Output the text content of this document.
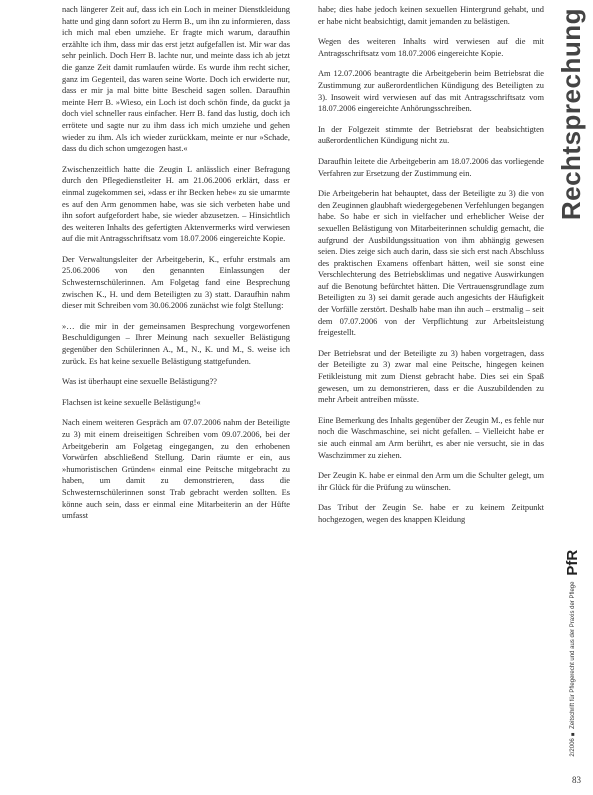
nach längerer Zeit auf, dass ich ein Loch in meiner Dienstkleidung hatte und ging dann sofort zu Herrn B., um ihn zu informieren, dass ich mich mal eben umziehe. Er fragte mich warum, daraufhin erzählte ich ihm, dass mir das erst jetzt aufgefallen ist. Mir war das sehr peinlich. Doch Herr B. lachte nur, und meinte dass ich ab jetzt die ganze Zeit damit rumlaufen würde. Es wurde ihm recht sicher, ganz im Gegenteil, das waren seine Worte. Doch ich erwiderte nur, dass er mir ja mal bitte bitte Bescheid sagen sollen. Daraufhin meinte Herr B. »Wieso, ein Loch ist doch schön finde, da guckt ja doch viel schneller raus einfacher. Herr B. fand das lustig, doch ich errötete und sagte nur zu ihm dass ich mich umziehe und gehen wieder zu ihm. Als ich wieder zurückkam, meinte er nur »Schade, dass du dich schon umgezogen hast.«

Zwischenzeitlich hatte die Zeugin L anlässlich einer Befragung durch den Pflegedienstleiter H. am 21.06.2006 erklärt, dass er einmal zugekommen sei, »dass er ihr Becken hebe« zu sie umarmte es auf den Arm genommen habe, was sie sich verbeten habe und ihn sofort aufgefordert habe, sie wieder abzusetzen. – Hinsichtlich des weiteren Inhalts des gefertigten Aktenvermerks wird verwiesen auf die mit Antragsschriftsatz vom 18.07.2006 eingereichte Kopie.

Der Verwaltungsleiter der Arbeitgeberin, K., erfuhr erstmals am 25.06.2006 von den genannten Einlassungen der Schwesternschülerinnen. Am Folgetag fand eine Besprechung zwischen K., H. und dem Beteiligten zu 3) statt. Daraufhin nahm dieser mit Schreiben vom 30.06.2006 zunächst wie folgt Stellung:

»… die mir in der gemeinsamen Besprechung vorgeworfenen Beschuldigungen – Ihrer Meinung nach sexueller Belästigung gegenüber den Schülerinnen A., M., N., K. und M., S. weise ich zurück. Es hat keine sexuelle Belästigung stattgefunden.

Was ist überhaupt eine sexuelle Belästigung??

Flachsen ist keine sexuelle Belästigung!«

Nach einem weiteren Gespräch am 07.07.2006 nahm der Beteiligte zu 3) mit einem dreiseitigen Schreiben vom 09.07.2006, bei der Arbeitgeberin am Folgetag eingegangen, zu den erhobenen Vorwürfen abschließend Stellung. Darin räumte er ein, aus »humoristischen Gründen« einmal eine Peitsche mitgebracht zu haben, um damit zu demonstrieren, dass die Schwesternschülerinnen sonst Trab gebracht werden sollten. Es könne auch sein, dass er einmal eine Mitarbeiterin an der Hüfte umfasst

habe; dies habe jedoch keinen sexuellen Hintergrund gehabt, und er habe nicht beabsichtigt, damit jemanden zu belästigen.

Wegen des weiteren Inhalts wird verwiesen auf die mit Antragsschriftsatz vom 18.07.2006 eingereichte Kopie.

Am 12.07.2006 beantragte die Arbeitgeberin beim Betriebsrat die Zustimmung zur außerordentlichen Kündigung des Beteiligten zu 3). Insoweit wird verwiesen auf das mit Antragsschriftsatz vom 18.07.2006 eingereichte Anhörungsschreiben.

In der Folgezeit stimmte der Betriebsrat der beabsichtigten außerordentlichen Kündigung nicht zu.

Daraufhin leitete die Arbeitgeberin am 18.07.2006 das vorliegende Verfahren zur Ersetzung der Zustimmung ein.

Die Arbeitgeberin hat behauptet, dass der Beteiligte zu 3) die von den Zeuginnen glaubhaft wiedergegebenen Verfehlungen begangen habe. So habe er sich in vielfacher und erheblicher Weise der sexuellen Belästigung von Mitarbeiterinnen schuldig gemacht, die aufgrund der Ausbildungssituation von ihm abhängig gewesen seien. Dies zeige sich auch darin, dass sie sich erst nach Abschluss des praktischen Examens offenbart hätten, weil sie sonst eine Verschlechterung des Betriebsklimas und negative Auswirkungen auf die Benotung befürchtet hätten. Die Vertrauensgrundlage zum Beteiligten zu 3) sei damit gerade auch angesichts der Häufigkeit der Vorfälle zerstört. Deshalb habe man ihn auch – erstmalig – seit dem 07.07.2006 von der Verpflichtung zur Arbeitsleistung freigestellt.

Der Betriebsrat und der Beteiligte zu 3) haben vorgetragen, dass der Beteiligte zu 3) zwar mal eine Peitsche, hingegen keinen Fetikleistung mit zum Dienst gebracht habe. Dies sei ein Spaß gewesen, um zu demonstrieren, dass er die Auszubildenden zu mehr Arbeit antreiben müsste.

Eine Bemerkung des Inhalts gegenüber der Zeugin M., es fehle nur noch die Waschmaschine, sei nicht gefallen. – Vielleicht habe er sie auch einmal am Arm berührt, es aber nie versucht, sie in das Waschzimmer zu ziehen.

Der Zeugin K. habe er einmal den Arm um die Schulter gelegt, um ihr Glück für die Prüfung zu wünschen.

Das Tribut der Zeugin Se. habe er zu keinem Zeitpunkt hochgezogen, wegen des knappen Kleidung

Rechtsprechung
2/2006 ■ Zeitschrift für Pflegerecht und aus der Praxis der Pflege PfR
83
